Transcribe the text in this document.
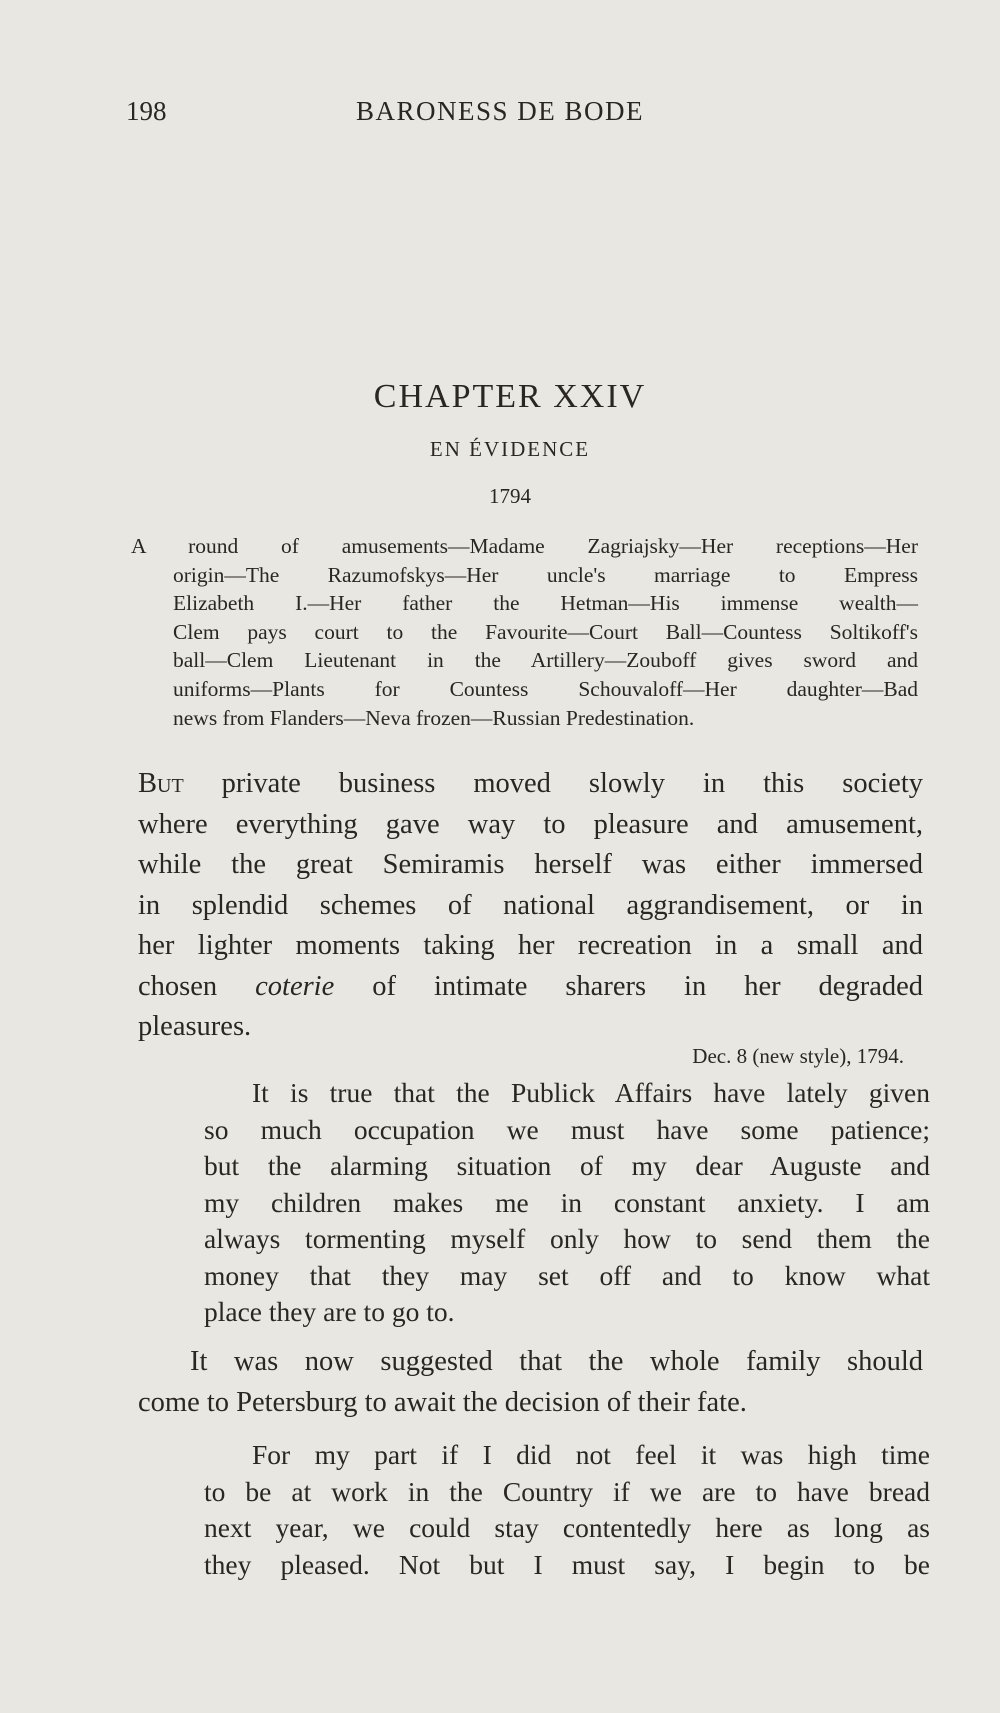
198	BARONESS DE BODE
CHAPTER XXIV
EN ÉVIDENCE
1794
A round of amusements—Madame Zagriajsky—Her receptions—Her
origin—The Razumofskys—Her uncle's marriage to Empress
Elizabeth I.—Her father the Hetman—His immense wealth—
Clem pays court to the Favourite—Court Ball—Countess Soltikoff's
ball—Clem Lieutenant in the Artillery—Zouboff gives sword and
uniforms—Plants for Countess Schouvaloff—Her daughter—Bad
news from Flanders—Neva frozen—Russian Predestination.
But private business moved slowly in this society
where everything gave way to pleasure and amusement,
while the great Semiramis herself was either immersed
in splendid schemes of national aggrandisement, or in
her lighter moments taking her recreation in a small and
chosen coterie of intimate sharers in her degraded
pleasures.
Dec. 8 (new style), 1794.
It is true that the Publick Affairs have lately given
so much occupation we must have some patience;
but the alarming situation of my dear Auguste and
my children makes me in constant anxiety. I am
always tormenting myself only how to send them the
money that they may set off and to know what
place they are to go to.
It was now suggested that the whole family should
come to Petersburg to await the decision of their fate.
For my part if I did not feel it was high time
to be at work in the Country if we are to have bread
next year, we could stay contentedly here as long as
they pleased. Not but I must say, I begin to be
